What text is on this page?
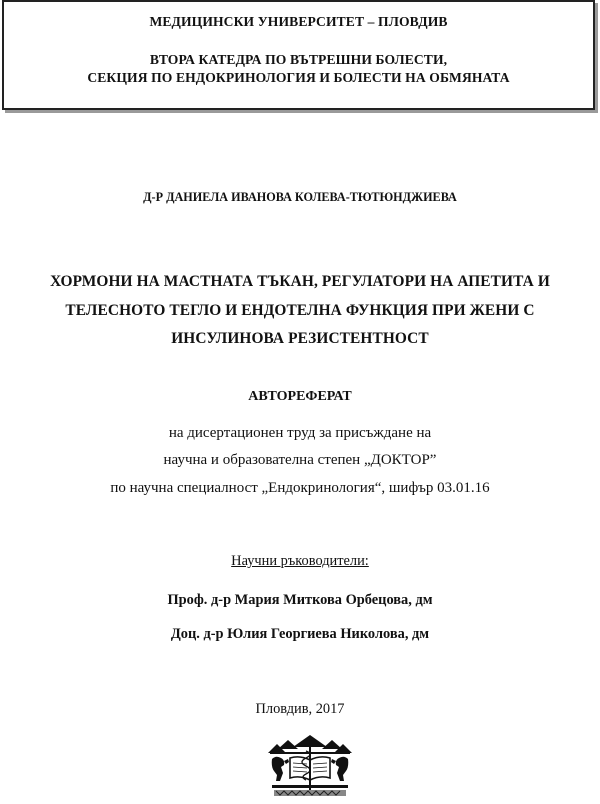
МЕДИЦИНСКИ УНИВЕРСИТЕТ – ПЛОВДИВ
ВТОРА КАТЕДРА ПО ВЪТРЕШНИ БОЛЕСТИ,
СЕКЦИЯ ПО ЕНДОКРИНОЛОГИЯ И БОЛЕСТИ НА ОБМЯНАТА
Д-Р ДАНИЕЛА ИВАНОВА КОЛЕВА-ТЮТЮНДЖИЕВА
ХОРМОНИ НА МАСТНАТА ТЪКАН, РЕГУЛАТОРИ НА АПЕТИТА И
ТЕЛЕСНОТО ТЕГЛО И ЕНДОТЕЛНА ФУНКЦИЯ ПРИ ЖЕНИ С
ИНСУЛИНОВА РЕЗИСТЕНТНОСТ
АВТОРЕФЕРАТ
на дисертационен труд за присъждане на
научна и образователна степен „ДОКТОР”
по научна специалност „Ендокринология“, шифър 03.01.16
Научни ръководители:
Проф. д-р Мария Миткова Орбецова, дм
Доц. д-р Юлия Георгиева Николова, дм
Пловдив, 2017
